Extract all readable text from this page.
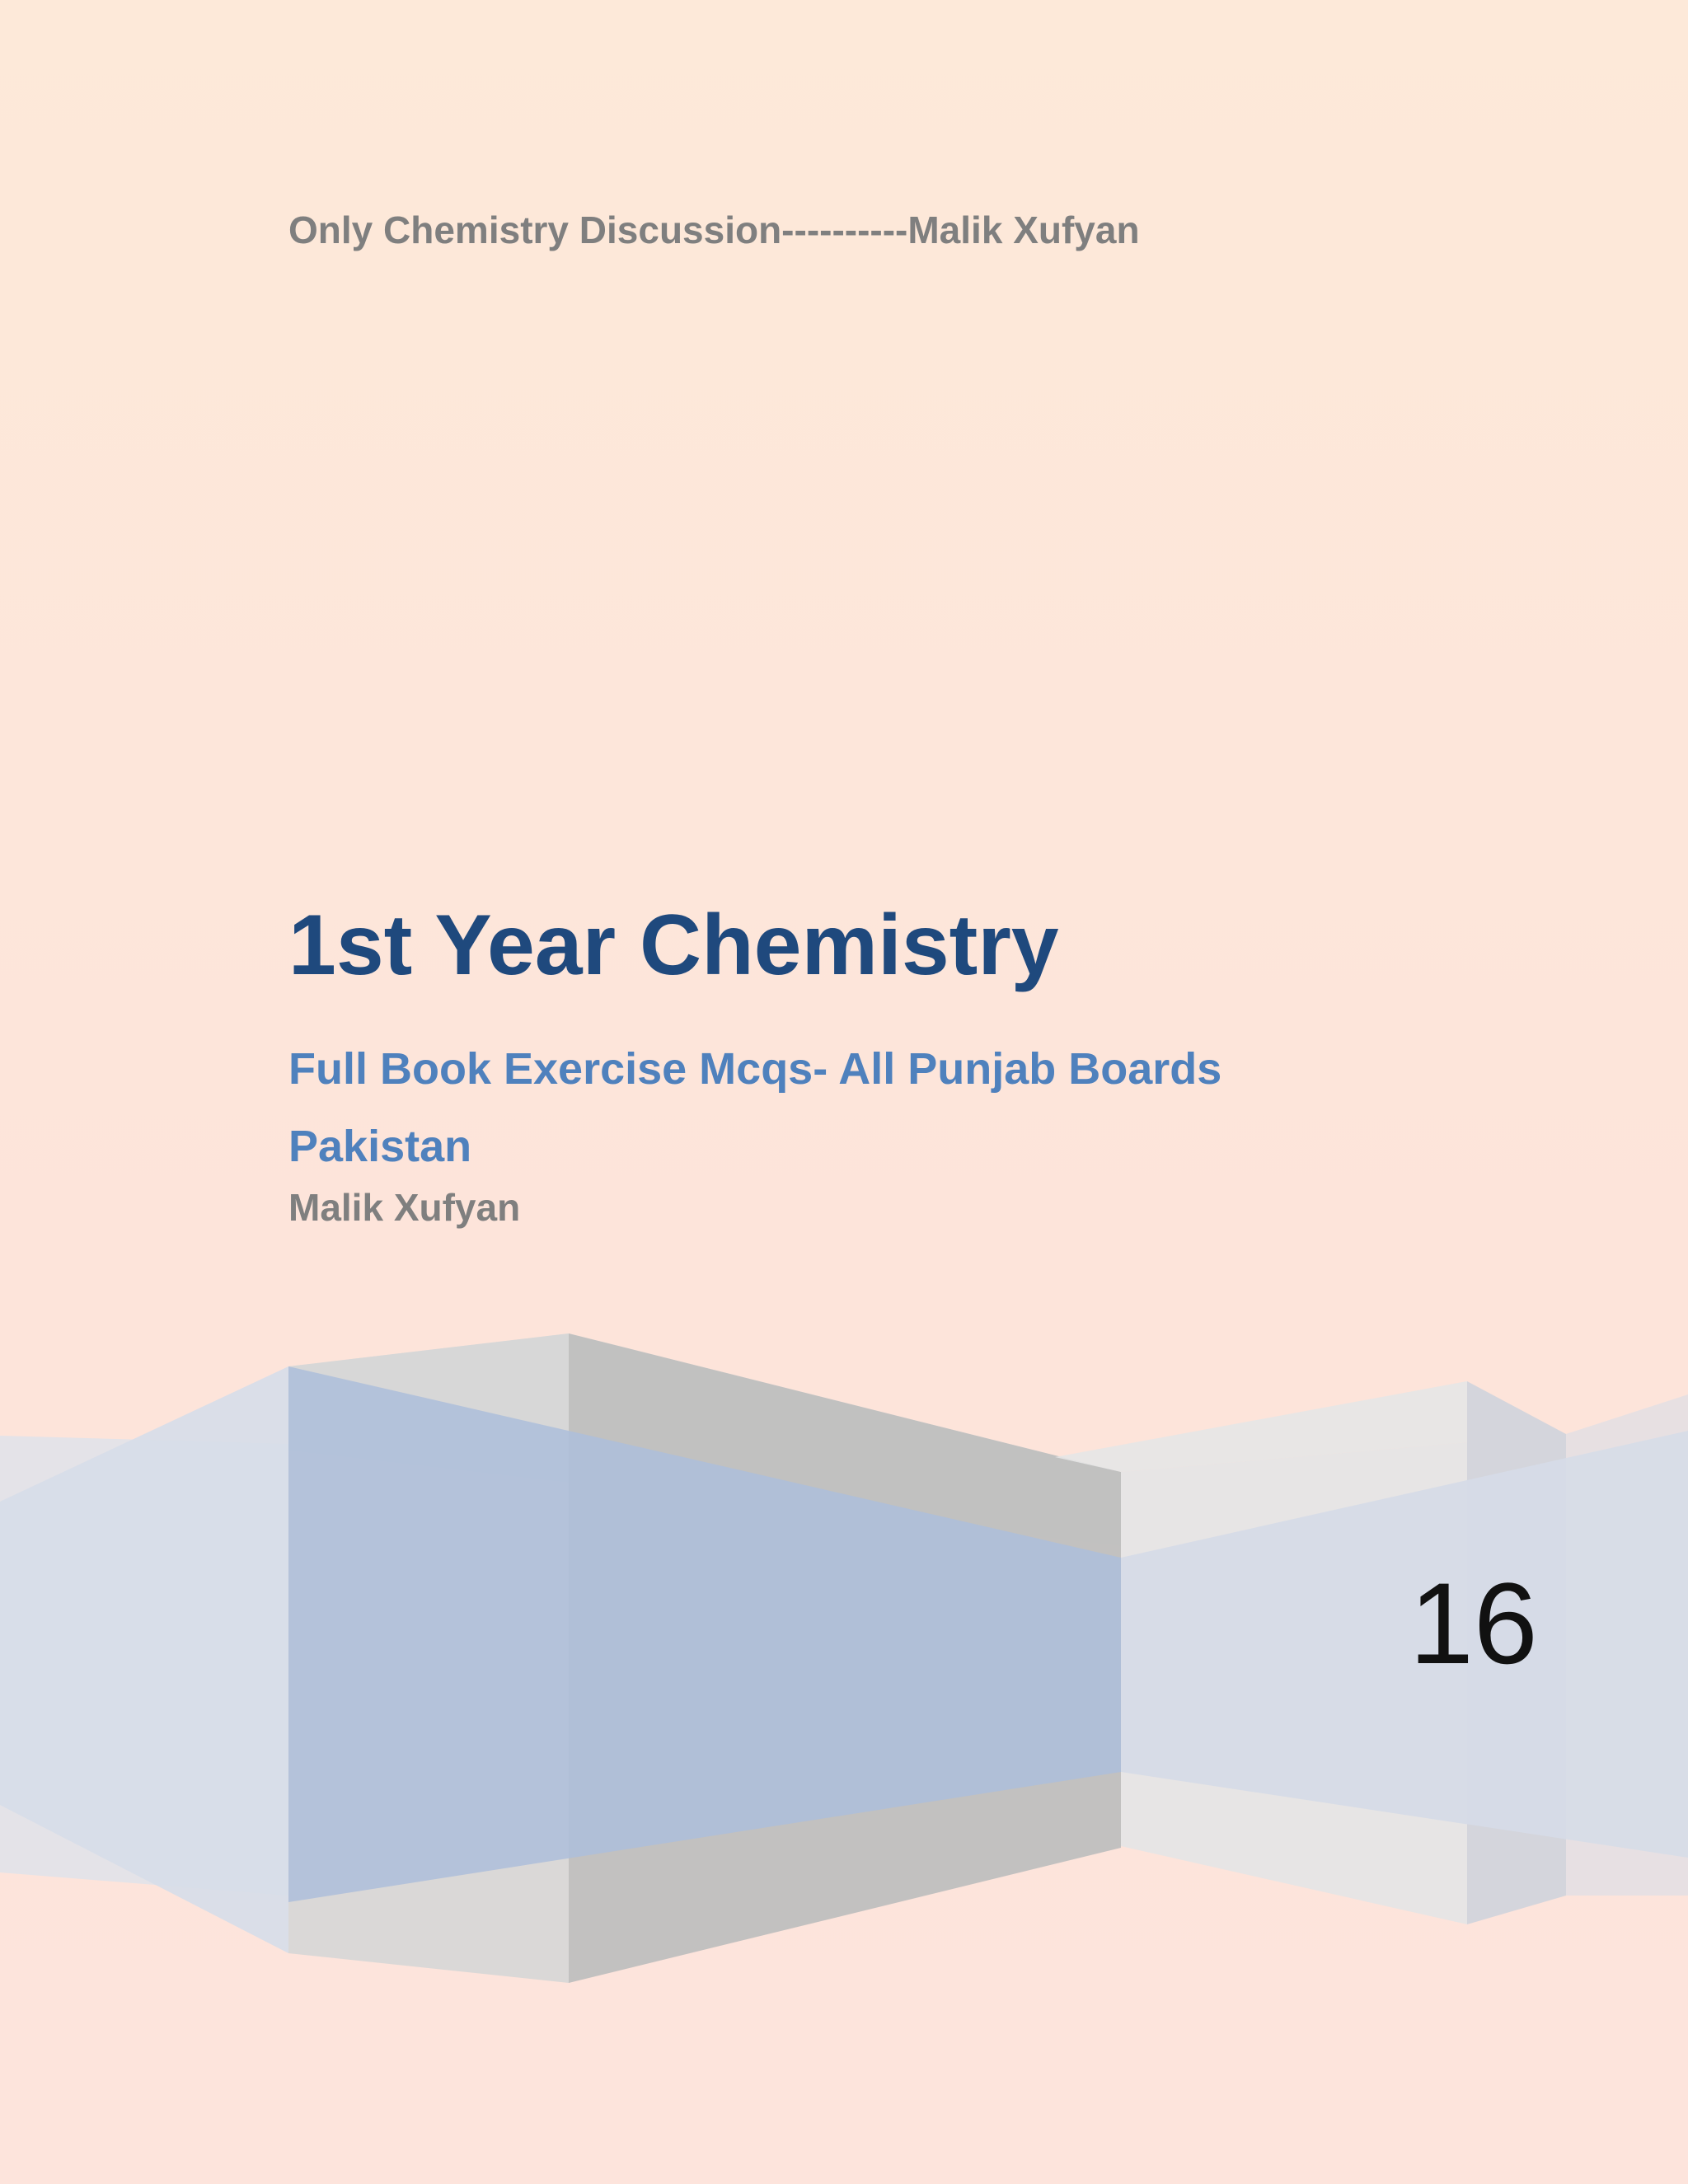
Only Chemistry Discussion----------Malik Xufyan
1st Year Chemistry
Full Book Exercise Mcqs- All Punjab Boards Pakistan
Malik Xufyan
16
